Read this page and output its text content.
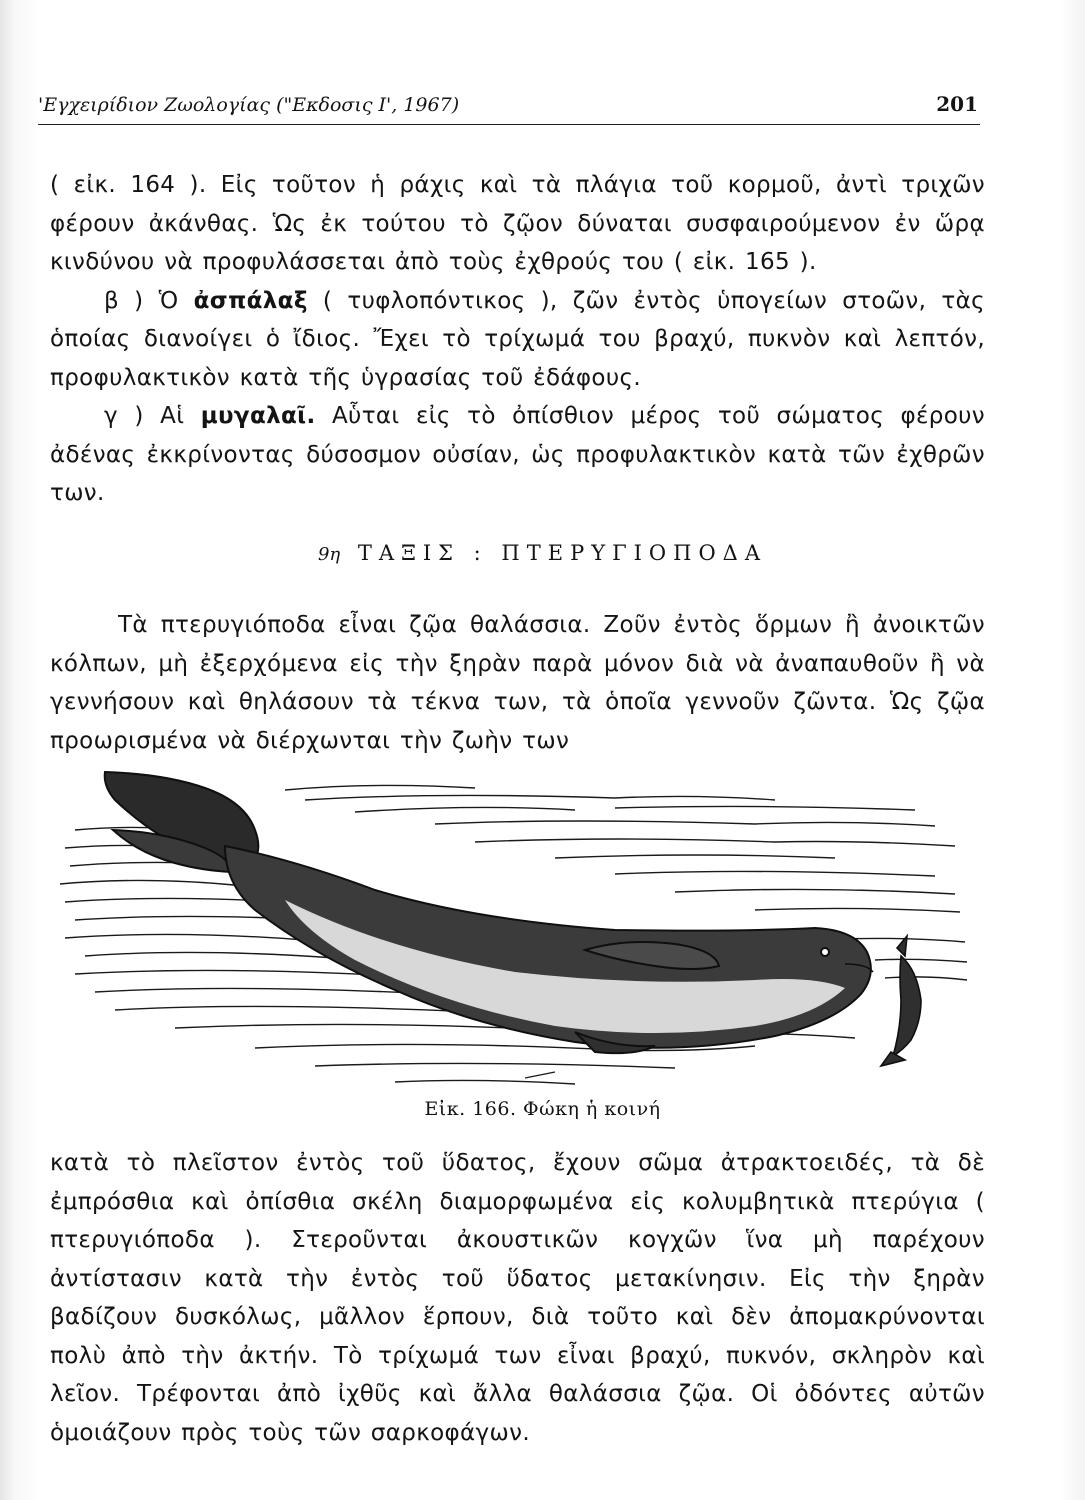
'Εγχειρίδιον Ζωολογίας ("Εκδοσις Ι', 1967)	201

( εἰκ. 164 ). Εἰς τοῦτον ἡ ράχις καὶ τὰ πλάγια τοῦ κορμοῦ, ἀντὶ τριχῶν φέρουν ἀκάνθας. Ὡς ἐκ τούτου τὸ ζῷον δύναται συσφαιρούμενον ἐν ὥρᾳ κινδύνου νὰ προφυλάσσεται ἀπὸ τοὺς ἐχθρούς του ( εἰκ. 165 ).

β ) Ὁ ἀσπάλαξ ( τυφλοπόντικος ), ζῶν ἐντὸς ὑπογείων στοῶν, τὰς ὁποίας διανοίγει ὁ ἴδιος. Ἔχει τὸ τρίχωμά του βραχύ, πυκνὸν καὶ λεπτόν, προφυλακτικὸν κατὰ τῆς ὑγρασίας τοῦ ἐδάφους.

γ ) Αἱ μυγαλαῖ. Αὗται εἰς τὸ ὀπίσθιον μέρος τοῦ σώματος φέρουν ἀδένας ἐκκρίνοντας δύσοσμον οὐσίαν, ὡς προφυλακτικὸν κατὰ τῶν ἐχθρῶν των.

9η ΤΑΞΙΣ : ΠΤΕΡΥΓΙΟΠΟΔΑ

Τὰ πτερυγιόποδα εἶναι ζῷα θαλάσσια. Ζοῦν ἐντὸς ὅρμων ἢ ἀνοικτῶν κόλπων, μὴ ἐξερχόμενα εἰς τὴν ξηρὰν παρὰ μόνον διὰ νὰ ἀναπαυθοῦν ἢ νὰ γεννήσουν καὶ θηλάσουν τὰ τέκνα των, τὰ ὁποῖα γεννοῦν ζῶντα. Ὡς ζῷα προωρισμένα νὰ διέρχωνται τὴν ζωὴν των

Εἰκ. 166. Φώκη ἡ κοινή

κατὰ τὸ πλεῖστον ἐντὸς τοῦ ὕδατος, ἔχουν σῶμα ἀτρακτοειδές, τὰ δὲ ἐμπρόσθια καὶ ὀπίσθια σκέλη διαμορφωμένα εἰς κολυμβητικὰ πτερύγια ( πτερυγιόποδα ). Στεροῦνται ἀκουστικῶν κογχῶν ἵνα μὴ παρέχουν ἀντίστασιν κατὰ τὴν ἐντὸς τοῦ ὕδατος μετακίνησιν. Εἰς τὴν ξηρὰν βαδίζουν δυσκόλως, μᾶλλον ἕρπουν, διὰ τοῦτο καὶ δὲν ἀπομακρύνονται πολὺ ἀπὸ τὴν ἀκτήν. Τὸ τρίχωμά των εἶναι βραχύ, πυκνόν, σκληρὸν καὶ λεῖον. Τρέφονται ἀπὸ ἰχθῦς καὶ ἄλλα θαλάσσια ζῷα. Οἱ ὀδόντες αὐτῶν ὁμοιάζουν πρὸς τοὺς τῶν σαρκοφάγων.
